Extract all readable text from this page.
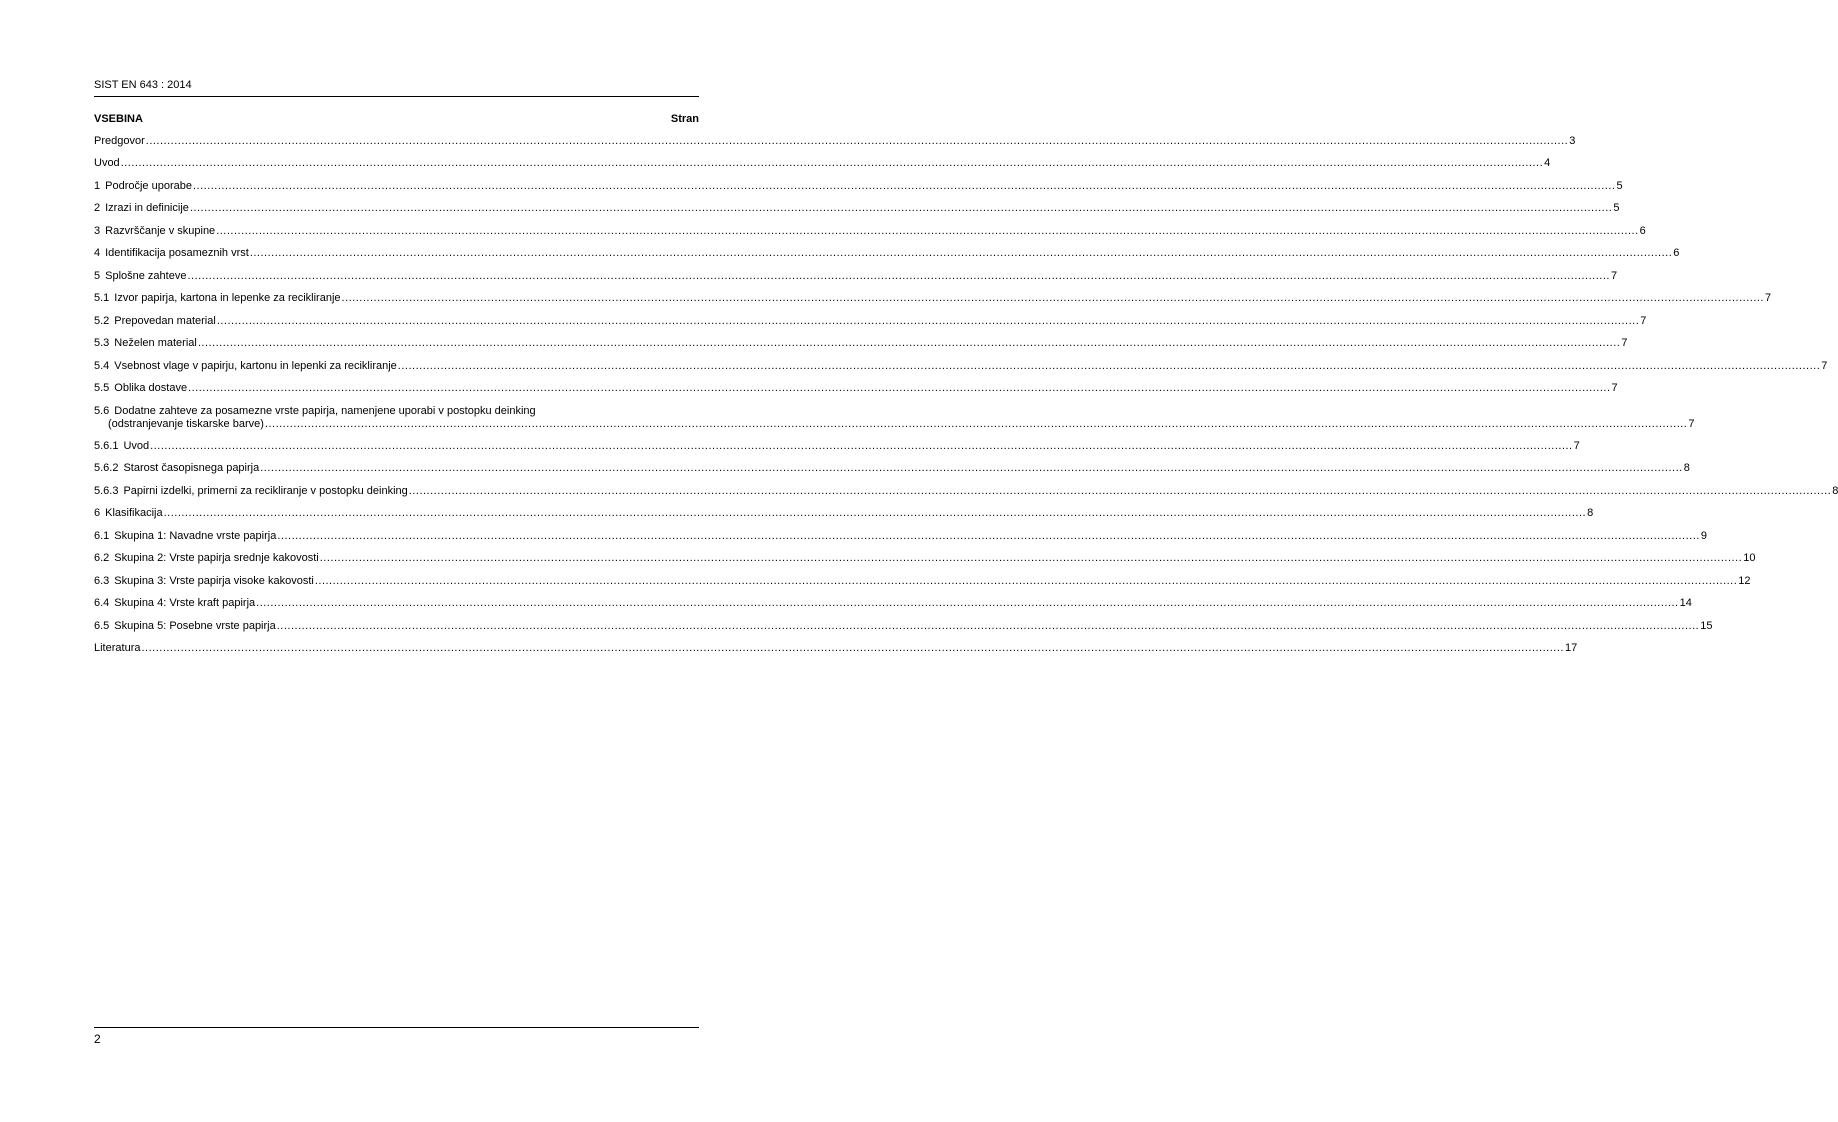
SIST EN 643 : 2014
VSEBINA	Stran
Predgovor ................................................................................................................................................................................................................................................................................................................................................................................................................ 3
Uvod ................................................................................................................................................................................................................................................................................................................................................................................................................ 4
1 Področje uporabe ................................................................................................................................................................................................................................................................................................................................................................................................................ 5
2 Izrazi in definicije ................................................................................................................................................................................................................................................................................................................................................................................................................ 5
3 Razvrščanje v skupine ................................................................................................................................................................................................................................................................................................................................................................................................................ 6
4 Identifikacija posameznih vrst ................................................................................................................................................................................................................................................................................................................................................................................................................ 6
5 Splošne zahteve ................................................................................................................................................................................................................................................................................................................................................................................................................ 7
5.1 Izvor papirja, kartona in lepenke za recikliranje ................................................................................................................................................................................................................................................................................................................................................................................................................ 7
5.2 Prepovedan material ................................................................................................................................................................................................................................................................................................................................................................................................................ 7
5.3 Neželen material ................................................................................................................................................................................................................................................................................................................................................................................................................ 7
5.4 Vsebnost vlage v papirju, kartonu in lepenki za recikliranje ................................................................................................................................................................................................................................................................................................................................................................................................................ 7
5.5 Oblika dostave ................................................................................................................................................................................................................................................................................................................................................................................................................ 7
5.6 Dodatne zahteve za posamezne vrste papirja, namenjene uporabi v postopku deinking
(odstranjevanje tiskarske barve) ................................................................................................................................................................................................................................................................................................................................................................................................................ 7
5.6.1 Uvod ................................................................................................................................................................................................................................................................................................................................................................................................................ 7
5.6.2 Starost časopisnega papirja ................................................................................................................................................................................................................................................................................................................................................................................................................ 8
5.6.3 Papirni izdelki, primerni za recikliranje v postopku deinking ................................................................................................................................................................................................................................................................................................................................................................................................................ 8
6 Klasifikacija ................................................................................................................................................................................................................................................................................................................................................................................................................ 8
6.1 Skupina 1: Navadne vrste papirja ................................................................................................................................................................................................................................................................................................................................................................................................................ 9
6.2 Skupina 2: Vrste papirja srednje kakovosti ................................................................................................................................................................................................................................................................................................................................................................................................................ 10
6.3 Skupina 3: Vrste papirja visoke kakovosti ................................................................................................................................................................................................................................................................................................................................................................................................................ 12
6.4 Skupina 4: Vrste kraft papirja ................................................................................................................................................................................................................................................................................................................................................................................................................ 14
6.5 Skupina 5: Posebne vrste papirja ................................................................................................................................................................................................................................................................................................................................................................................................................ 15
Literatura ................................................................................................................................................................................................................................................................................................................................................................................................................ 17
2
